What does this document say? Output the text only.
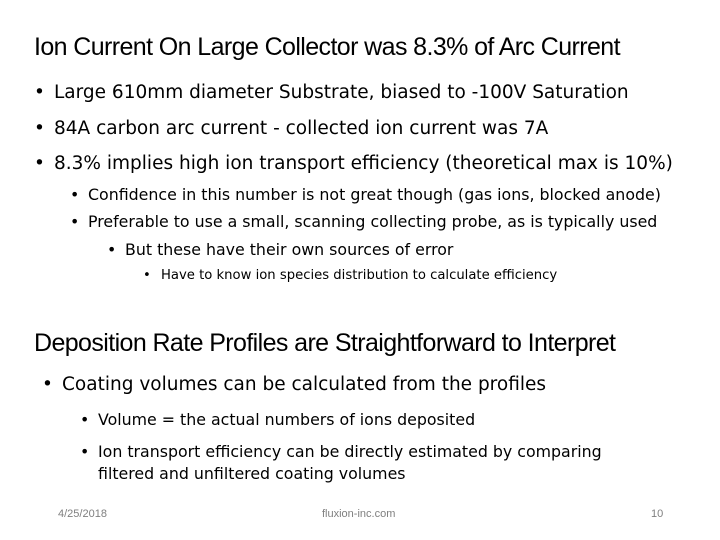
Ion Current On Large Collector was 8.3% of Arc Current
• Large 610mm diameter Substrate, biased to -100V Saturation
• 84A carbon arc current - collected ion current was 7A
• 8.3% implies high ion transport efficiency (theoretical max is 10%)
• Confidence in this number is not great though (gas ions, blocked anode)
• Preferable to use a small, scanning collecting probe, as is typically used
• But these have their own sources of error
• Have to know ion species distribution to calculate efficiency
Deposition Rate Profiles are Straightforward to Interpret
• Coating volumes can be calculated from the profiles
• Volume = the actual numbers of ions deposited
• Ion transport efficiency can be directly estimated by comparing
filtered and unfiltered coating volumes
4/25/2018	fluxion-inc.com	10
